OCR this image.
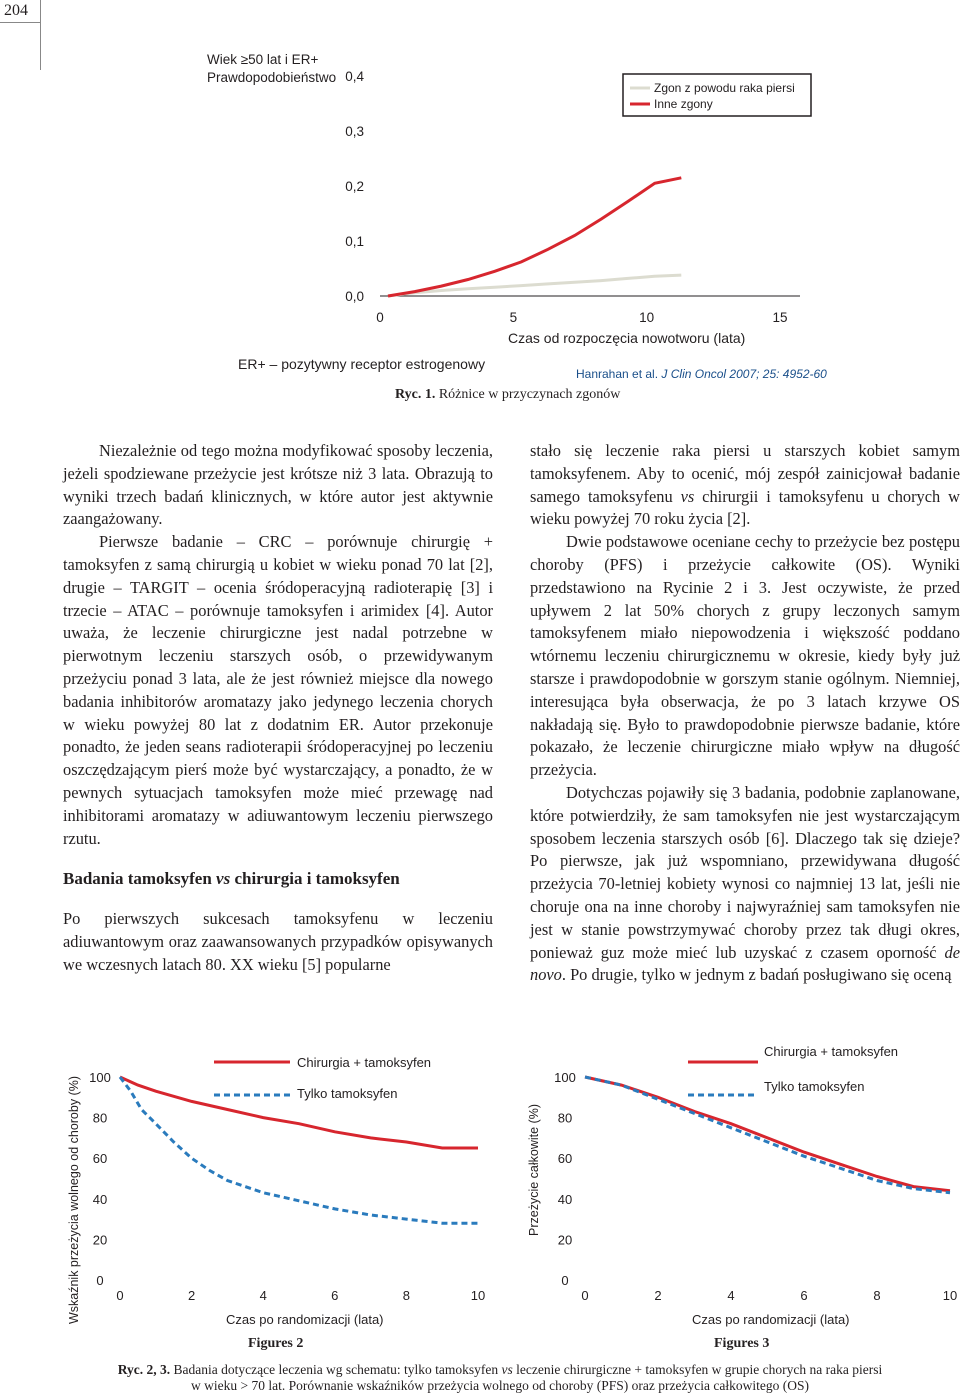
204
Wiek ≥50 lat i ER+
Prawdopodobieństwo 0,4
0,3
0,2
0,1
0,0
0	5	10	15
Zgon z powodu raka piersi
Inne zgony
Czas od rozpoczęcia nowotworu (lata)
ER+ – pozytywny receptor estrogenowy
Hanrahan et al. J Clin Oncol 2007; 25: 4952-60
Ryc. 1. Różnice w przyczynach zgonów

Niezależnie od tego można modyfikować sposoby leczenia, jeżeli spodziewane przeżycie jest krótsze niż 3 lata. Obrazują to wyniki trzech badań klinicznych, w które autor jest aktywnie zaangażowany.

Pierwsze badanie – CRC – porównuje chirurgię + tamoksyfen z samą chirurgią u kobiet w wieku ponad 70 lat [2], drugie – TARGIT – ocenia śródoperacyjną radioterapię [3] i trzecie – ATAC – porównuje tamoksyfen i arimidex [4]. Autor uważa, że leczenie chirurgiczne jest nadal potrzebne w pierwotnym leczeniu starszych osób, o przewidywanym przeżyciu ponad 3 lata, ale że jest również miejsce dla nowego badania inhibitorów aromatazy jako jedynego leczenia chorych w wieku powyżej 80 lat z dodatnim ER. Autor przekonuje ponadto, że jeden seans radioterapii śródoperacyjnej po leczeniu oszczędzającym pierś może być wystarczający, a ponadto, że w pewnych sytuacjach tamoksyfen może mieć przewagę nad inhibitorami aromatazy w adiuwantowym leczeniu pierwszego rzutu.

Badania tamoksyfen vs chirurgia i tamoksyfen

Po pierwszych sukcesach tamoksyfenu w leczeniu adiuwantowym oraz zaawansowanych przypadków opisywanych we wczesnych latach 80. XX wieku [5] popularne

stało się leczenie raka piersi u starszych kobiet samym tamoksyfenem. Aby to ocenić, mój zespół zainicjował badanie samego tamoksyfenu vs chirurgii i tamoksyfenu u chorych w wieku powyżej 70 roku życia [2].

Dwie podstawowe oceniane cechy to przeżycie bez postępu choroby (PFS) i przeżycie całkowite (OS). Wyniki przedstawiono na Rycinie 2 i 3. Jest oczywiste, że przed upływem 2 lat 50% chorych z grupy leczonych samym tamoksyfenem miało niepowodzenia i większość poddano wtórnemu leczeniu chirurgicznemu w okresie, kiedy były już starsze i prawdopodobnie w gorszym stanie ogólnym. Niemniej, interesująca była obserwacja, że po 3 latach krzywe OS nakładają się. Było to prawdopodobnie pierwsze badanie, które pokazało, że leczenie chirurgiczne miało wpływ na długość przeżycia.

Dotychczas pojawiły się 3 badania, podobnie zaplanowane, które potwierdziły, że sam tamoksyfen nie jest wystarczającym sposobem leczenia starszych osób [6]. Dlaczego tak się dzieje? Po pierwsze, jak już wspomniano, przewidywana długość przeżycia 70-letniej kobiety wynosi co najmniej 13 lat, jeśli nie choruje ona na inne choroby i najwyraźniej sam tamoksyfen nie jest w stanie powstrzymywać choroby przez tak długi okres, ponieważ guz może mieć lub uzyskać z czasem oporność de novo. Po drugie, tylko w jednym z badań posługiwano się oceną

0
20
40
60
80
100
0	2	4	6	8	10
Wskaźnik przeżycia wolnego od choroby (%)
Chirurgia + tamoksyfen
Tylko tamoksyfen
Czas po randomizacji (lata)
Figures 2
0
20
40
60
80
100
0	2	4	6	8	10
Przeżycie całkowite (%)
Chirurgia + tamoksyfen
Tylko tamoksyfen
Czas po randomizacji (lata)
Figures 3
Ryc. 2, 3. Badania dotyczące leczenia wg schematu: tylko tamoksyfen vs leczenie chirurgiczne + tamoksyfen w grupie chorych na raka piersi
w wieku > 70 lat. Porównanie wskaźników przeżycia wolnego od choroby (PFS) oraz przeżycia całkowitego (OS)
